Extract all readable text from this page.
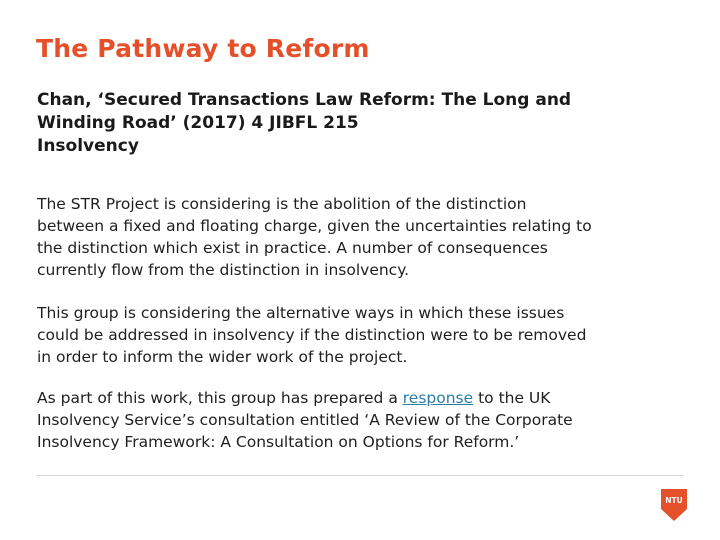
The Pathway to Reform
Chan, ‘Secured Transactions Law Reform: The Long and
Winding Road’ (2017) 4 JIBFL 215
Insolvency
The STR Project is considering is the abolition of the distinction
between a fixed and floating charge, given the uncertainties relating to
the distinction which exist in practice. A number of consequences
currently flow from the distinction in insolvency.
This group is considering the alternative ways in which these issues
could be addressed in insolvency if the distinction were to be removed
in order to inform the wider work of the project.
As part of this work, this group has prepared a response to the UK
Insolvency Service’s consultation entitled ‘A Review of the Corporate
Insolvency Framework: A Consultation on Options for Reform.’
NTU
